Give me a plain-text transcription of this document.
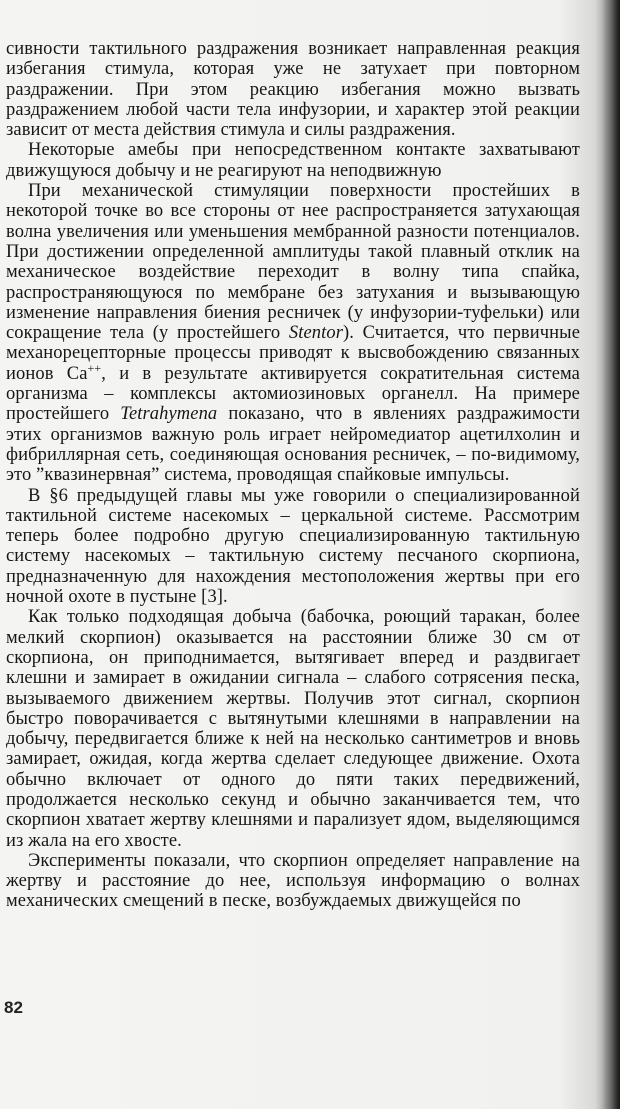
сивности тактильного раздражения возникает направленная реакция избегания стимула, которая уже не затухает при повторном раздражении. При этом реакцию избегания можно вызвать раздражением любой части тела инфузории, и характер этой реакции зависит от места действия стимула и силы раздражения.

Некоторые амебы при непосредственном контакте захватывают движущуюся добычу и не реагируют на неподвижную

При механической стимуляции поверхности простейших в некоторой точке во все стороны от нее распространяется затухающая волна увеличения или уменьшения мембранной разности потенциалов. При достижении определенной амплитуды такой плавный отклик на механическое воздействие переходит в волну типа спайка, распространяющуюся по мембране без затухания и вызывающую изменение направления биения ресничек (у инфузории-туфельки) или сокращение тела (у простейшего Stentor). Считается, что первичные механорецепторные процессы приводят к высвобождению связанных ионов Са++, и в результате активируется сократительная система организма – комплексы актомиозиновых органелл. На примере простейшего Tetrahymena показано, что в явлениях раздражимости этих организмов важную роль играет нейромедиатор ацетилхолин и фибриллярная сеть, соединяющая основания ресничек, – по-видимому, это ”квазинервная” система, проводящая спайковые импульсы.

В §6 предыдущей главы мы уже говорили о специализированной тактильной системе насекомых – церкальной системе. Рассмотрим теперь более подробно другую специализированную тактильную систему насекомых – тактильную систему песчаного скорпиона, предназначенную для нахождения местоположения жертвы при его ночной охоте в пустыне [3].

Как только подходящая добыча (бабочка, роющий таракан, более мелкий скорпион) оказывается на расстоянии ближе 30 см от скорпиона, он приподнимается, вытягивает вперед и раздвигает клешни и замирает в ожидании сигнала – слабого сотрясения песка, вызываемого движением жертвы. Получив этот сигнал, скорпион быстро поворачивается с вытянутыми клешнями в направлении на добычу, передвигается ближе к ней на несколько сантиметров и вновь замирает, ожидая, когда жертва сделает следующее движение. Охота обычно включает от одного до пяти таких передвижений, продолжается несколько секунд и обычно заканчивается тем, что скорпион хватает жертву клешнями и парализует ядом, выделяющимся из жала на его хвосте.

Эксперименты показали, что скорпион определяет направление на жертву и расстояние до нее, используя информацию о волнах механических смещений в песке, возбуждаемых движущейся по

82
